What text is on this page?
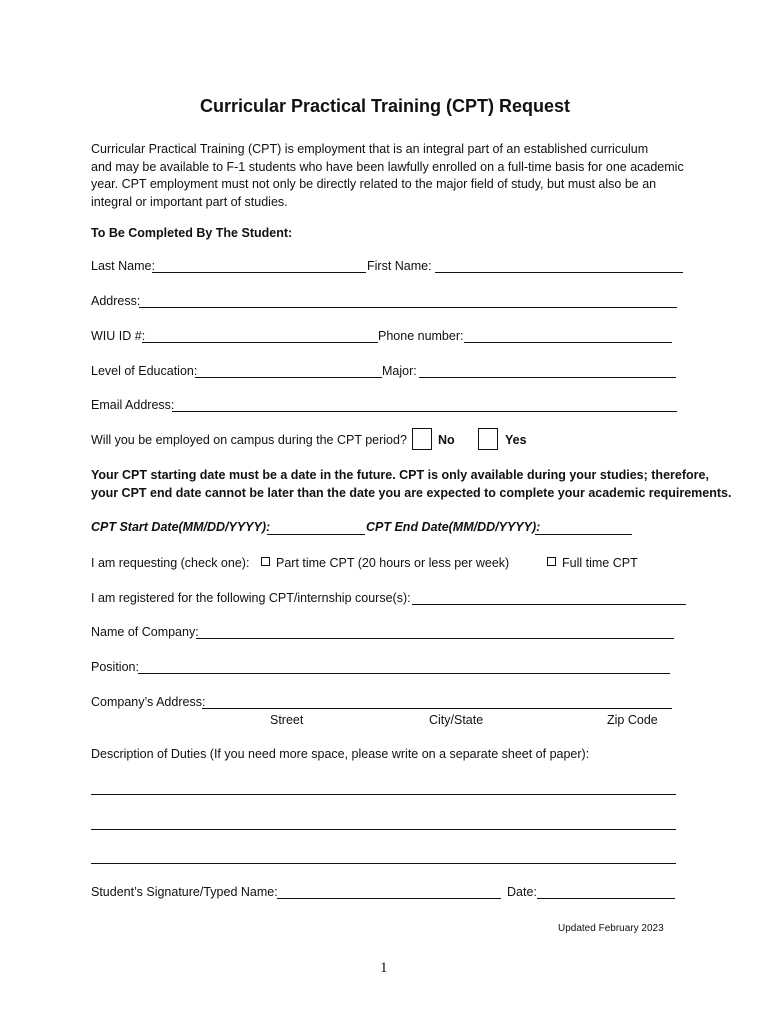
Curricular Practical Training (CPT) Request
Curricular Practical Training (CPT) is employment that is an integral part of an established curriculum
and may be available to F-1 students who have been lawfully enrolled on a full-time basis for one academic
year. CPT employment must not only be directly related to the major field of study, but must also be an
integral or important part of studies.
To Be Completed By The Student:
Last Name:	First Name:
Address:
WIU ID #:	Phone number:
Level of Education:	Major:
Email Address:
Will you be employed on campus during the CPT period? No	Yes
Your CPT starting date must be a date in the future. CPT is only available during your studies; therefore,
your CPT end date cannot be later than the date you are expected to complete your academic requirements.
CPT Start Date(MM/DD/YYYY):	CPT End Date(MM/DD/YYYY):
I am requesting (check one):	Part time CPT (20 hours or less per week)	Full time CPT
I am registered for the following CPT/internship course(s):
Name of Company:
Position:
Company’s Address:
Street	City/State	Zip Code
Description of Duties (If you need more space, please write on a separate sheet of paper):
Student’s Signature/Typed Name:	Date:
Updated February 2023
1
